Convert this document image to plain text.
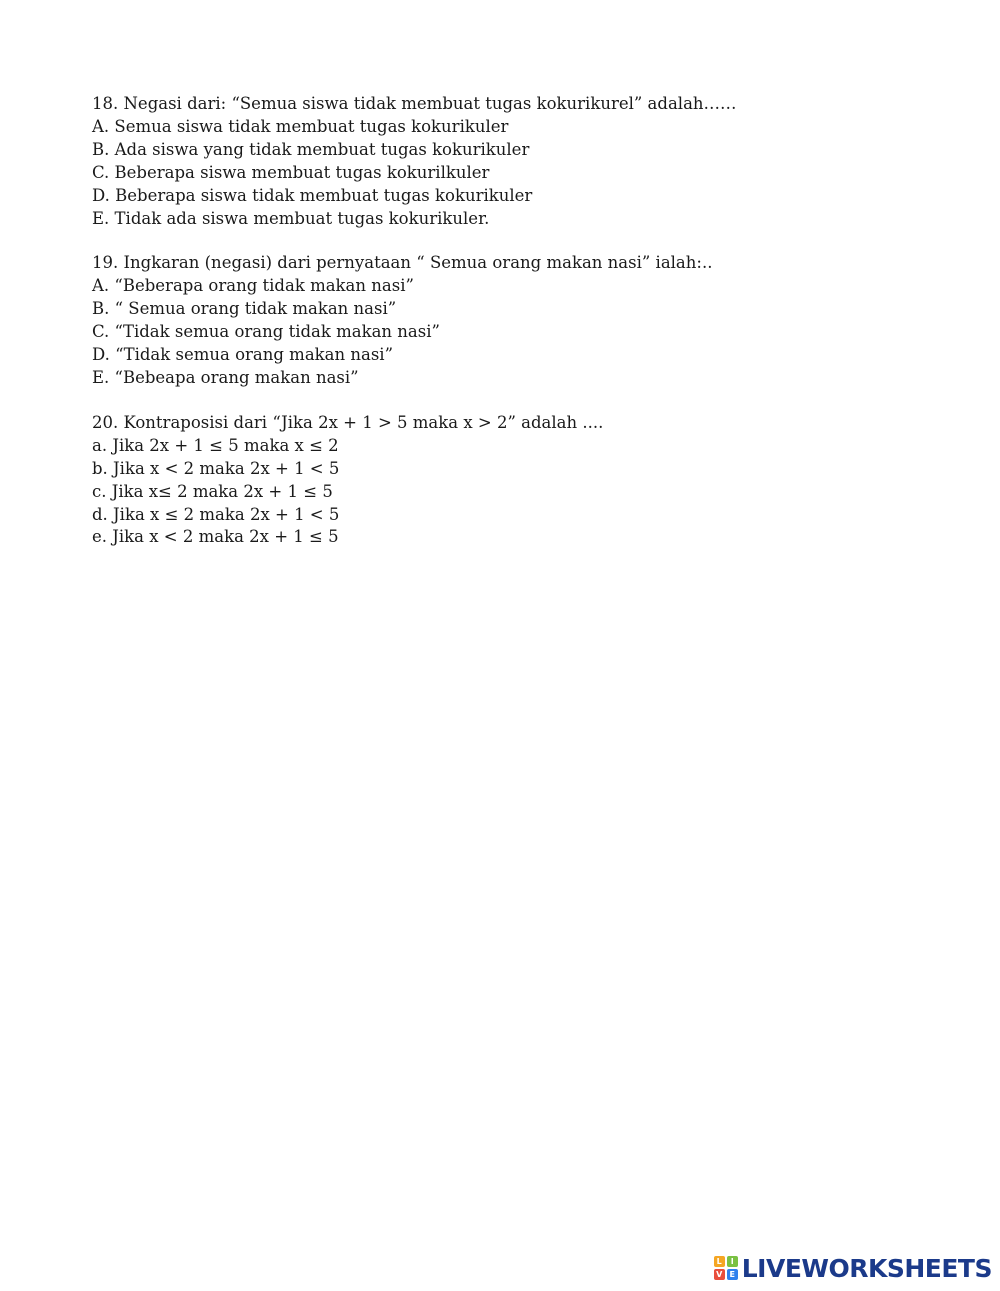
18. Negasi dari: “Semua siswa tidak membuat tugas kokurikurel” adalah……

A. Semua siswa tidak membuat tugas kokurikuler

B. Ada siswa yang tidak membuat tugas kokurikuler

C. Beberapa siswa membuat tugas kokurilkuler

D. Beberapa siswa tidak membuat tugas kokurikuler

E. Tidak ada siswa membuat tugas kokurikuler.

19. Ingkaran (negasi) dari pernyataan “ Semua orang makan nasi” ialah:..

A. “Beberapa orang tidak makan nasi”

B. “ Semua orang tidak makan nasi”

C. “Tidak semua orang tidak makan nasi”

D. “Tidak semua orang makan nasi”

E. “Bebeapa orang makan nasi”

20. Kontraposisi dari “Jika 2x + 1 > 5 maka x > 2” adalah ....

a. Jika 2x + 1 ≤ 5 maka x ≤ 2

b. Jika x < 2 maka 2x + 1 < 5

c. Jika x≤ 2 maka 2x + 1 ≤ 5

d. Jika x ≤ 2 maka 2x + 1 < 5

e. Jika x < 2 maka 2x + 1 ≤ 5

L	I
V E LIVEWORKSHEETS
